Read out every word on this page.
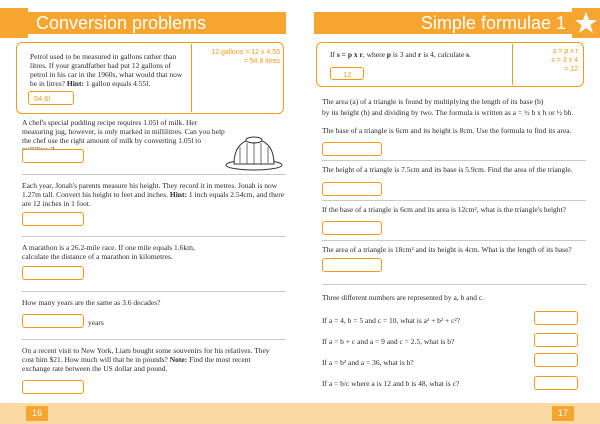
Conversion problems	Simple formulae 1
Petrol used to be measured in gallons rather than litres. If your grandfather had put 12 gallons of petrol in his car in the 1960s, what would that now be in litres? Hint: 1 gallon equals 4.55l.
12 gallons = 12 x 4.55
= 54.6 litres
54.6l
A chef's special pudding recipe requires 1.05l of milk. Her measuring jug, however, is only marked in millilitres. Can you help the chef use the right amount of milk by converting 1.05l to
Each year, Jonah's parents measure his height. They record it in metres. Jonah is now 1.27m tall. Convert his height to feet and inches. Hint: 1 inch equals 2.54cm, and there are 12 inches in 1 foot.
A marathon is a 26.2-mile race. If one mile equals 1.6km, calculate the distance of a marathon in kilometres.
How many years are the same as 3.6 decades?
years
On a recent visit to New York, Liam bought some souvenirs for his relatives. They cost him $21. How much will that be in pounds? Note: Find the most recent exchange rate between the US dollar and pound.
16
If s = p x r, where p is 3 and r is 4, calculate s.	s = p x r
s = 3 x 4
= 12
12
The area (a) of a triangle is found by multiplying the length of its base (b)
by its height (h) and dividing by two. The formula is written as a = ½ b x h or ½ bh.
The base of a triangle is 6cm and its height is 8cm. Use the formula to find its area.
The height of a triangle is 7.5cm and its base is 5.9cm. Find the area of the triangle.
If the base of a triangle is 6cm and its area is 12cm², what is the triangle's height?
The area of a triangle is 18cm² and its height is 4cm. What is the length of its base?
Three different numbers are represented by a, b and c.
If a = 4, b = 5 and c = 10, what is a² + b² + c²?
If a = b + c and a = 9 and c = 2.5, what is b?
If a = b² and a = 36, what is b?
If a = b/c where a is 12 and b is 48, what is c?
17
